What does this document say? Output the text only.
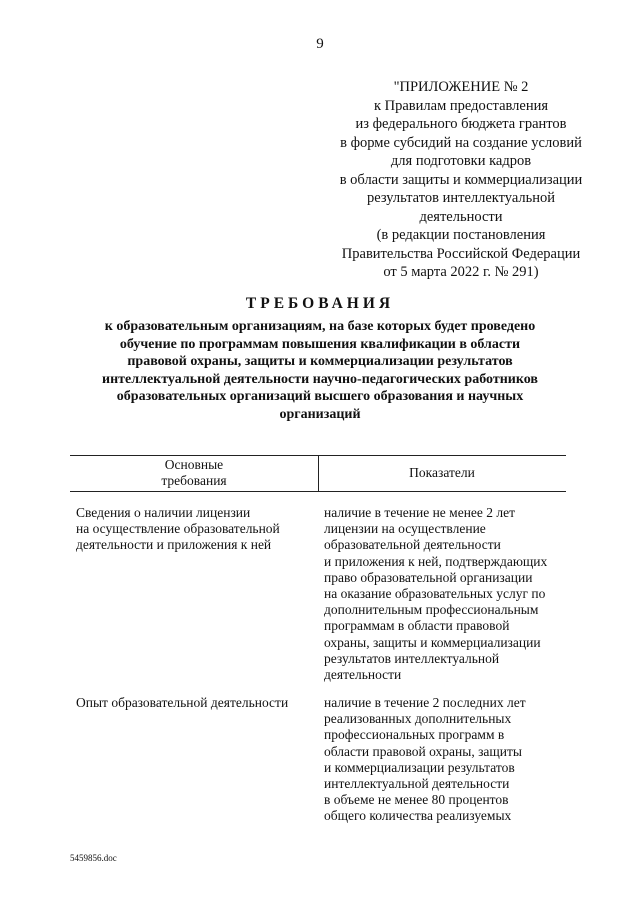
9
"ПРИЛОЖЕНИЕ № 2
к Правилам предоставления
из федерального бюджета грантов
в форме субсидий на создание условий
для подготовки кадров
в области защиты и коммерциализации
результатов интеллектуальной
деятельности
(в редакции постановления
Правительства Российской Федерации
от 5 марта 2022 г. № 291)
ТРЕБОВАНИЯ
к образовательным организациям, на базе которых будет проведено
обучение по программам повышения квалификации в области
правовой охраны, защиты и коммерциализации результатов
интеллектуальной деятельности научно-педагогических работников
образовательных организаций высшего образования и научных
организаций
Основные
требования
Показатели
Сведения о наличии лицензии
на осуществление образовательной
деятельности и приложения к ней
наличие в течение не менее 2 лет
лицензии на осуществление
образовательной деятельности
и приложения к ней, подтверждающих
право образовательной организации
на оказание образовательных услуг по
дополнительным профессиональным
программам в области правовой
охраны, защиты и коммерциализации
результатов интеллектуальной
деятельности
Опыт образовательной деятельности	наличие в течение 2 последних лет
реализованных дополнительных
профессиональных программ в
области правовой охраны, защиты
и коммерциализации результатов
интеллектуальной деятельности
в объеме не менее 80 процентов
общего количества реализуемых
5459856.doc
